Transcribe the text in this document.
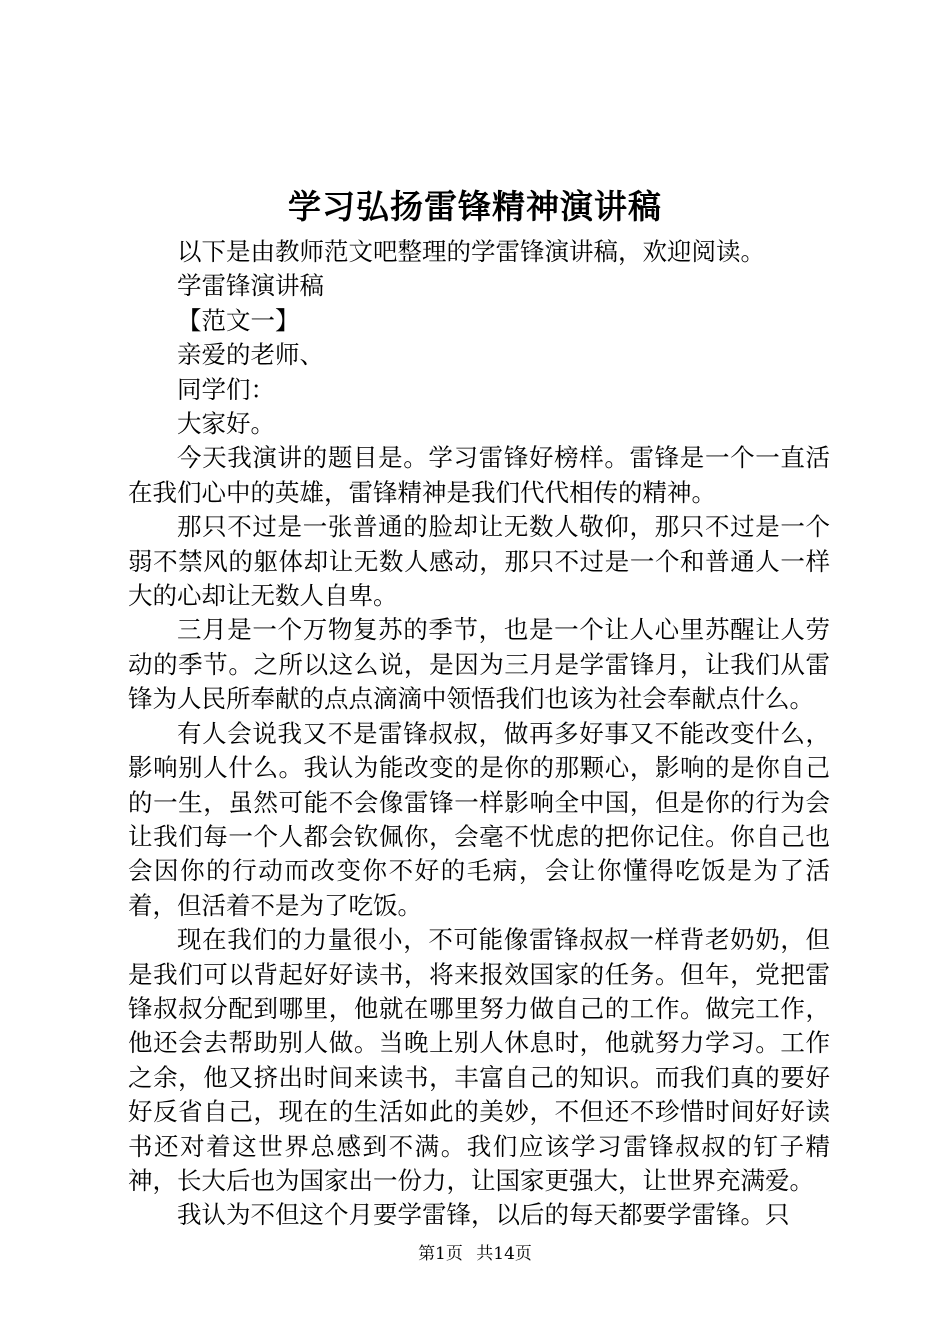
学习弘扬雷锋精神演讲稿

以下是由教师范文吧整理的学雷锋演讲稿，欢迎阅读。

学雷锋演讲稿

【范文一】

亲爱的老师、

同学们：

大家好。

今天我演讲的题目是。学习雷锋好榜样。雷锋是一个一直活在我们心中的英雄，雷锋精神是我们代代相传的精神。

那只不过是一张普通的脸却让无数人敬仰，那只不过是一个弱不禁风的躯体却让无数人感动，那只不过是一个和普通人一样大的心却让无数人自卑。

三月是一个万物复苏的季节，也是一个让人心里苏醒让人劳动的季节。之所以这么说，是因为三月是学雷锋月，让我们从雷锋为人民所奉献的点点滴滴中领悟我们也该为社会奉献点什么。

有人会说我又不是雷锋叔叔，做再多好事又不能改变什么，影响别人什么。我认为能改变的是你的那颗心，影响的是你自己的一生，虽然可能不会像雷锋一样影响全中国，但是你的行为会让我们每一个人都会钦佩你，会毫不忧虑的把你记住。你自己也会因你的行动而改变你不好的毛病，会让你懂得吃饭是为了活着，但活着不是为了吃饭。

现在我们的力量很小，不可能像雷锋叔叔一样背老奶奶，但是我们可以背起好好读书，将来报效国家的任务。但年，党把雷锋叔叔分配到哪里，他就在哪里努力做自己的工作。做完工作，他还会去帮助别人做。当晚上别人休息时，他就努力学习。工作之余，他又挤出时间来读书，丰富自己的知识。而我们真的要好好反省自己，现在的生活如此的美妙，不但还不珍惜时间好好读书还对着这世界总感到不满。我们应该学习雷锋叔叔的钉子精神，长大后也为国家出一份力，让国家更强大，让世界充满爱。

我认为不但这个月要学雷锋，以后的每天都要学雷锋。只

第1页 共14页
